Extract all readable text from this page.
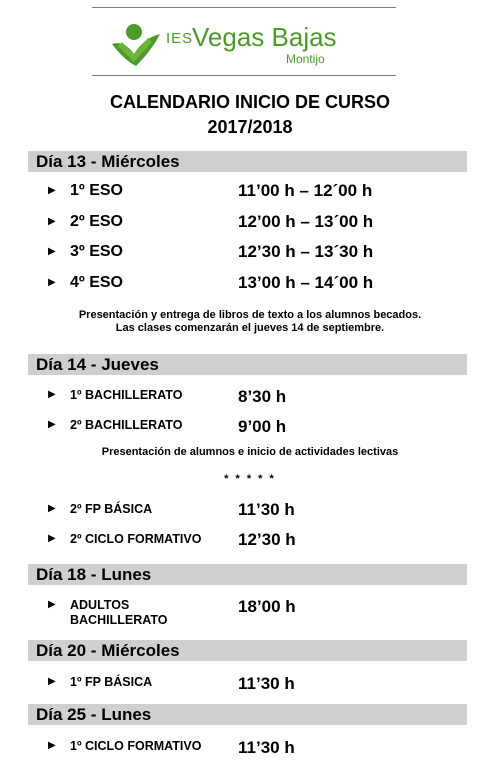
IES
Vegas Bajas
Montijo
CALENDARIO INICIO DE CURSO
2017/2018
Día 13 - Miércoles
▶ 1º ESO	11’00 h – 12´00 h
▶ 2º ESO	12’00 h – 13´00 h
▶ 3º ESO	12’30 h – 13´30 h
▶ 4º ESO	13’00 h – 14´00 h
Presentación y entrega de libros de texto a los alumnos becados.
Las clases comenzarán el jueves 14 de septiembre.
Día 14 - Jueves
▶ 1º BACHILLERATO	8’30 h
▶ 2º BACHILLERATO	9’00 h
Presentación de alumnos e inicio de actividades lectivas
* * * * *
▶ 2º FP BÁSICA	11’30 h
▶ 2º CICLO FORMATIVO 12’30 h
Día 18 - Lunes
▶ ADULTOS
BACHILLERATO
18’00 h
Día 20 - Miércoles
▶ 1º FP BÁSICA	11’30 h
Día 25 - Lunes
▶ 1º CICLO FORMATIVO 11’30 h
